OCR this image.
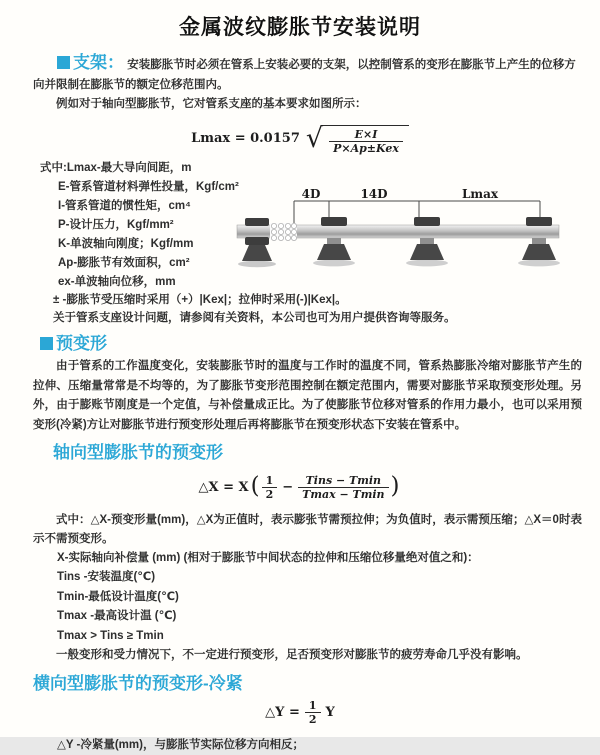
金属波纹膨胀节安装说明

支架： 安装膨胀节时必须在管系上安装必要的支架，以控制管系的变形在膨胀节上产生的位移方向并限制在膨胀节的额定位移范围内。

例如对于轴向型膨胀节，它对管系支座的基本要求如图所示：

Lmax = 0.0157 √ $\frac{E\times I}{\text{P×Ap±Kex}}$
式中:Lmax-最大导向间距，m
E-管系管道材料弹性投量，Kgf/cm²
I-管系管道的惯性矩，cm⁴
P-设计压力，Kgf/mm²
K-单波轴向刚度；Kgf/mm
Ap-膨胀节有效面积，cm²
ex-单波轴向位移，mm
4D	14D	Lmax
± -膨胀节受压缩时采用（+）|Kex|；拉伸时采用(-)|Kex|。
关于管系支座设计问题，请参阅有关资料，本公司也可为用户提供咨询等服务。
预变形

由于管系的工作温度变化，安装膨胀节时的温度与工作时的温度不同，管系热膨胀冷缩对膨胀节产生的拉伸、压缩量常常是不均等的，为了膨胀节变形范围控制在额定范围内，需要对膨胀节采取预变形处理。另外，由于膨账节刚度是一个定值，与补偿量成正比。为了使膨胀节位移对管系的作用力最小，也可以采用预变形(冷紧)方让对膨胀节进行预变形处理后再将膨胀节在预变形状态下安装在管系中。

轴向型膨胀节的预变形
△X = X ( $\frac{1}{2} - \frac{\text{Tins − Tmin}}{Tmax - Tmin}$ )

式中：△X-预变形量(mm)，△X为正值时，表示膨张节需预拉伸；为负值时，表示需预压缩；△X＝0时表示不需预变形。

X-实际轴向补偿量 (mm) (相对于膨胀节中间状态的拉伸和压缩位移量绝对值之和)：
Tins -安装温度(℃)
Tmin-最低设计温度(℃)
Tmax -最高设计温 (℃)
Tmax > Tins ≥ Tmin

一般变形和受力情况下，不一定进行预变形，足否预变形对膨胀节的疲劳寿命几乎没有影响。

横向型膨胀节的预变形-冷紧
△Y = $\frac{1}{2}$ Y
△Y -冷紧量(mm)，与膨胀节实际位移方向相反；
